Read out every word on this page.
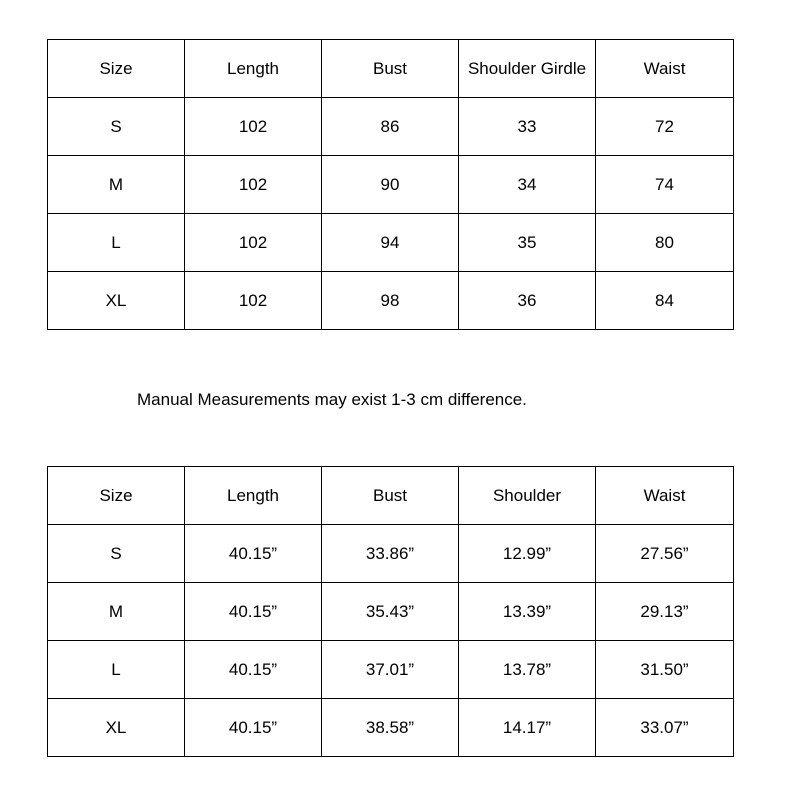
Size	Length	Bust	Shoulder Girdle	Waist
S	102	86	33	72
M	102	90	34	74
L	102	94	35	80
XL	102	98	36	84
Manual Measurements may exist 1-3 cm difference.
Size	Length	Bust	Shoulder	Waist
S	40.15”	33.86”	12.99”	27.56”
M	40.15”	35.43”	13.39”	29.13”
L	40.15”	37.01”	13.78”	31.50”
XL	40.15”	38.58”	14.17”	33.07”
